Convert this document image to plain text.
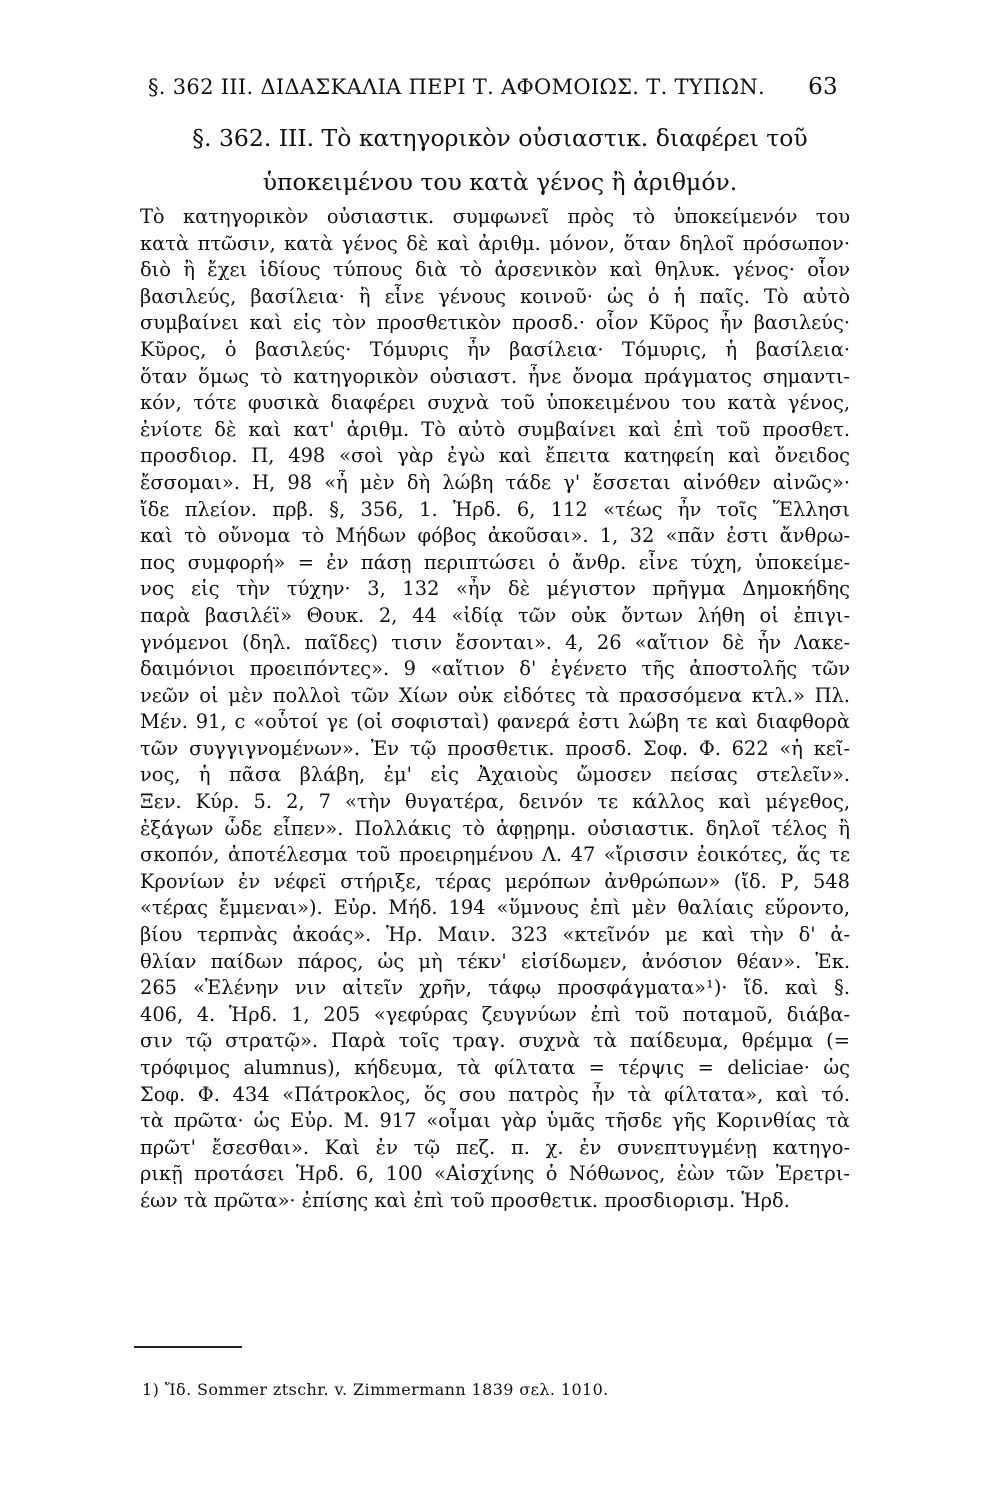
§. 362 III. ΔΙΔΑΣΚΑΛΙΑ ΠΕΡΙ Τ. ΑΦΟΜΟΙΩΣ. Τ. ΤΥΠΩΝ. 63
§. 362. III. Τὸ κατηγορικὸν οὐσιαστικ. διαφέρει τοῦ
ὑποκειμένου του κατὰ γένος ἢ ἀριθμόν.
Τὸ κατηγορικὸν οὐσιαστικ. συμφωνεῖ πρὸς τὸ ὑποκείμενόν του
κατὰ πτῶσιν, κατὰ γένος δὲ καὶ ἀριθμ. μόνον, ὅταν δηλοῖ πρόσωπον·
διὸ ἢ ἔχει ἰδίους τύπους διὰ τὸ ἀρσενικὸν καὶ θηλυκ. γένος· οἷον
βασιλεύς, βασίλεια· ἢ εἶνε γένους κοινοῦ· ὡς ὁ ἡ παῖς. Τὸ αὐτὸ
συμβαίνει καὶ εἰς τὸν προσθετικὸν προσδ.· οἷον Κῦρος ἦν βασιλεύς·
Κῦρος, ὁ βασιλεύς· Τόμυρις ἦν βασίλεια· Τόμυρις, ἡ βασίλεια·
ὅταν ὅμως τὸ κατηγορικὸν οὐσιαστ. ἦνε ὄνομα πράγματος σημαντι-
κόν, τότε φυσικὰ διαφέρει συχνὰ τοῦ ὑποκειμένου του κατὰ γένος,
ἐνίοτε δὲ καὶ κατ' ἀριθμ. Τὸ αὐτὸ συμβαίνει καὶ ἐπὶ τοῦ προσθετ.
προσδιορ. Π, 498 «σοὶ γὰρ ἐγὼ καὶ ἔπειτα κατηφείη καὶ ὄνειδος
ἔσσομαι». Η, 98 «ἦ μὲν δὴ λώβη τάδε γ' ἔσσεται αἰνόθεν αἰνῶς»·
ἴδε πλείον. πρβ. §, 356, 1. Ἡρδ. 6, 112 «τέως ἦν τοῖς Ἕλλησι
καὶ τὸ οὔνομα τὸ Μήδων φόβος ἀκοῦσαι». 1, 32 «πᾶν ἐστι ἄνθρω-
πος συμφορή» = ἐν πάσῃ περιπτώσει ὁ ἄνθρ. εἶνε τύχη, ὑποκείμε-
νος εἰς τὴν τύχην· 3, 132 «ἦν δὲ μέγιστον πρῆγμα Δημοκήδης
παρὰ βασιλέϊ» Θουκ. 2, 44 «ἰδίᾳ τῶν οὐκ ὄντων λήθη οἱ ἐπιγι-
γνόμενοι (δηλ. παῖδες) τισιν ἔσονται». 4, 26 «αἴτιον δὲ ἦν Λακε-
δαιμόνιοι προειπόντες». 9 «αἴτιον δ' ἐγένετο τῆς ἀποστολῆς τῶν
νεῶν οἱ μὲν πολλοὶ τῶν Χίων οὐκ εἰδότες τὰ πρασσόμενα κτλ.» Πλ.
Μέν. 91, c «οὗτοί γε (οἱ σοφισταὶ) φανερά ἐστι λώβη τε καὶ διαφθορὰ
τῶν συγγιγνομένων». Ἐν τῷ προσθετικ. προσδ. Σοφ. Φ. 622 «ἡ κεῖ-
νος, ἡ πᾶσα βλάβη, ἐμ' εἰς Ἀχαιοὺς ὤμοσεν πείσας στελεῖν».
Ξεν. Κύρ. 5. 2, 7 «τὴν θυγατέρα, δεινόν τε κάλλος καὶ μέγεθος,
ἐξάγων ὧδε εἶπεν». Πολλάκις τὸ ἀφῃρημ. οὐσιαστικ. δηλοῖ τέλος ἢ
σκοπόν, ἀποτέλεσμα τοῦ προειρημένου Λ. 47 «ἴρισσιν ἐοικότες, ἅς τε
Κρονίων ἐν νέφεϊ στήριξε, τέρας μερόπων ἀνθρώπων» (ἴδ. Ρ, 548
«τέρας ἔμμεναι»). Εὐρ. Μήδ. 194 «ὕμνους ἐπὶ μὲν θαλίαις εὕροντο,
βίου τερπνὰς ἀκοάς». Ἡρ. Μαιν. 323 «κτεῖνόν με καὶ τὴν δ' ἀ-
θλίαν παίδων πάρος, ὡς μὴ τέκν' εἰσίδωμεν, ἀνόσιον θέαν». Ἑκ.
265 «Ἑλένην νιν αἰτεῖν χρῆν, τάφῳ προσφάγματα»¹)· ἴδ. καὶ §.
406, 4. Ἡρδ. 1, 205 «γεφύρας ζευγνύων ἐπὶ τοῦ ποταμοῦ, διάβα-
σιν τῷ στρατῷ». Παρὰ τοῖς τραγ. συχνὰ τὰ παίδευμα, θρέμμα (=
τρόφιμος alumnus), κήδευμα, τὰ φίλτατα = τέρψις = deliciae· ὡς
Σοφ. Φ. 434 «Πάτροκλος, ὅς σου πατρὸς ἦν τὰ φίλτατα», καὶ τό.
τὰ πρῶτα· ὡς Εὐρ. Μ. 917 «οἶμαι γὰρ ὑμᾶς τῆσδε γῆς Κορινθίας τὰ
πρῶτ' ἔσεσθαι». Καὶ ἐν τῷ πεζ. π. χ. ἐν συνεπτυγμένῃ κατηγο-
ρικῇ προτάσει Ἡρδ. 6, 100 «Αἰσχίνης ὁ Νόθωνος, ἐὼν τῶν Ἐρετρι-
έων τὰ πρῶτα»· ἐπίσης καὶ ἐπὶ τοῦ προσθετικ. προσδιορισμ. Ἡρδ.
1) Ἴδ. Sommer ztschr. v. Zimmermann 1839 σελ. 1010.
